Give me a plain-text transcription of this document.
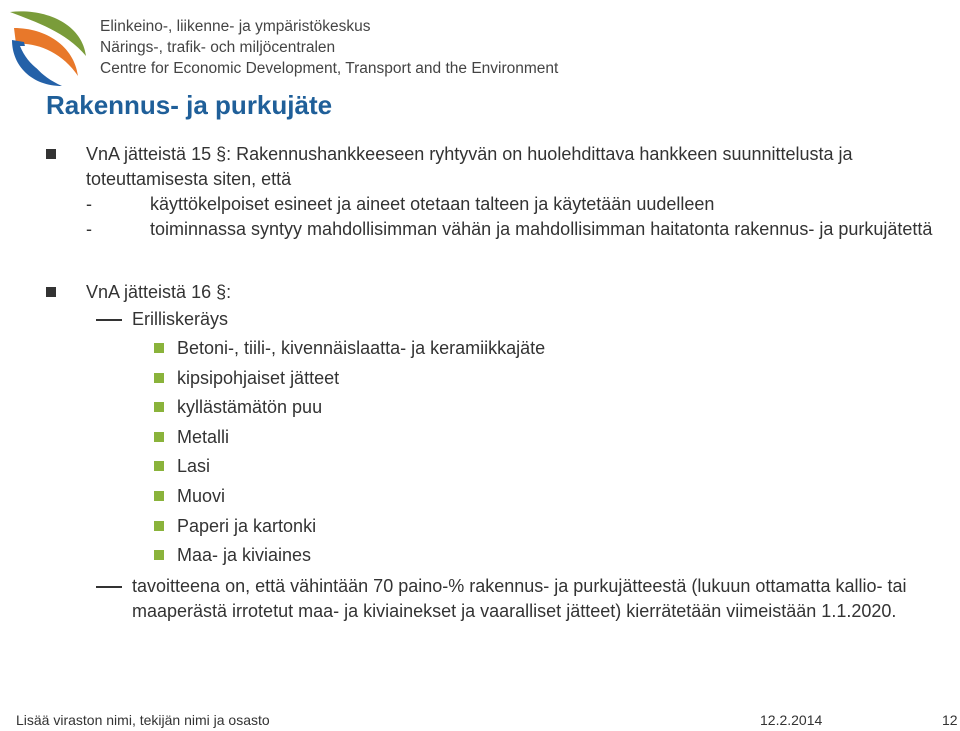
Elinkeino-, liikenne- ja ympäristökeskus
Närings-, trafik- och miljöcentralen
Centre for Economic Development, Transport and the Environment
Rakennus- ja purkujäte
VnA jätteistä 15 §: Rakennushankkeeseen ryhtyvän on huolehdittava hankkeen suunnittelusta ja toteuttamisesta siten, että
-	käyttökelpoiset esineet ja aineet otetaan talteen ja käytetään uudelleen
-	toiminnassa syntyy mahdollisimman vähän ja mahdollisimman haitatonta rakennus- ja purkujätettä
VnA jätteistä 16 §:
Erilliskeräys
Betoni-, tiili-, kivennäislaatta- ja keramiikkajäte
kipsipohjaiset jätteet
kyllästämätön puu
Metalli
Lasi
Muovi
Paperi ja kartonki
Maa- ja kiviaines
tavoitteena on, että vähintään 70 paino-% rakennus- ja purkujätteestä (lukuun ottamatta kallio- tai maaperästä irrotetut maa- ja kiviainekset ja vaaralliset jätteet) kierrätetään viimeistään 1.1.2020.
Lisää viraston nimi, tekijän nimi ja osasto	12.2.2014	12
